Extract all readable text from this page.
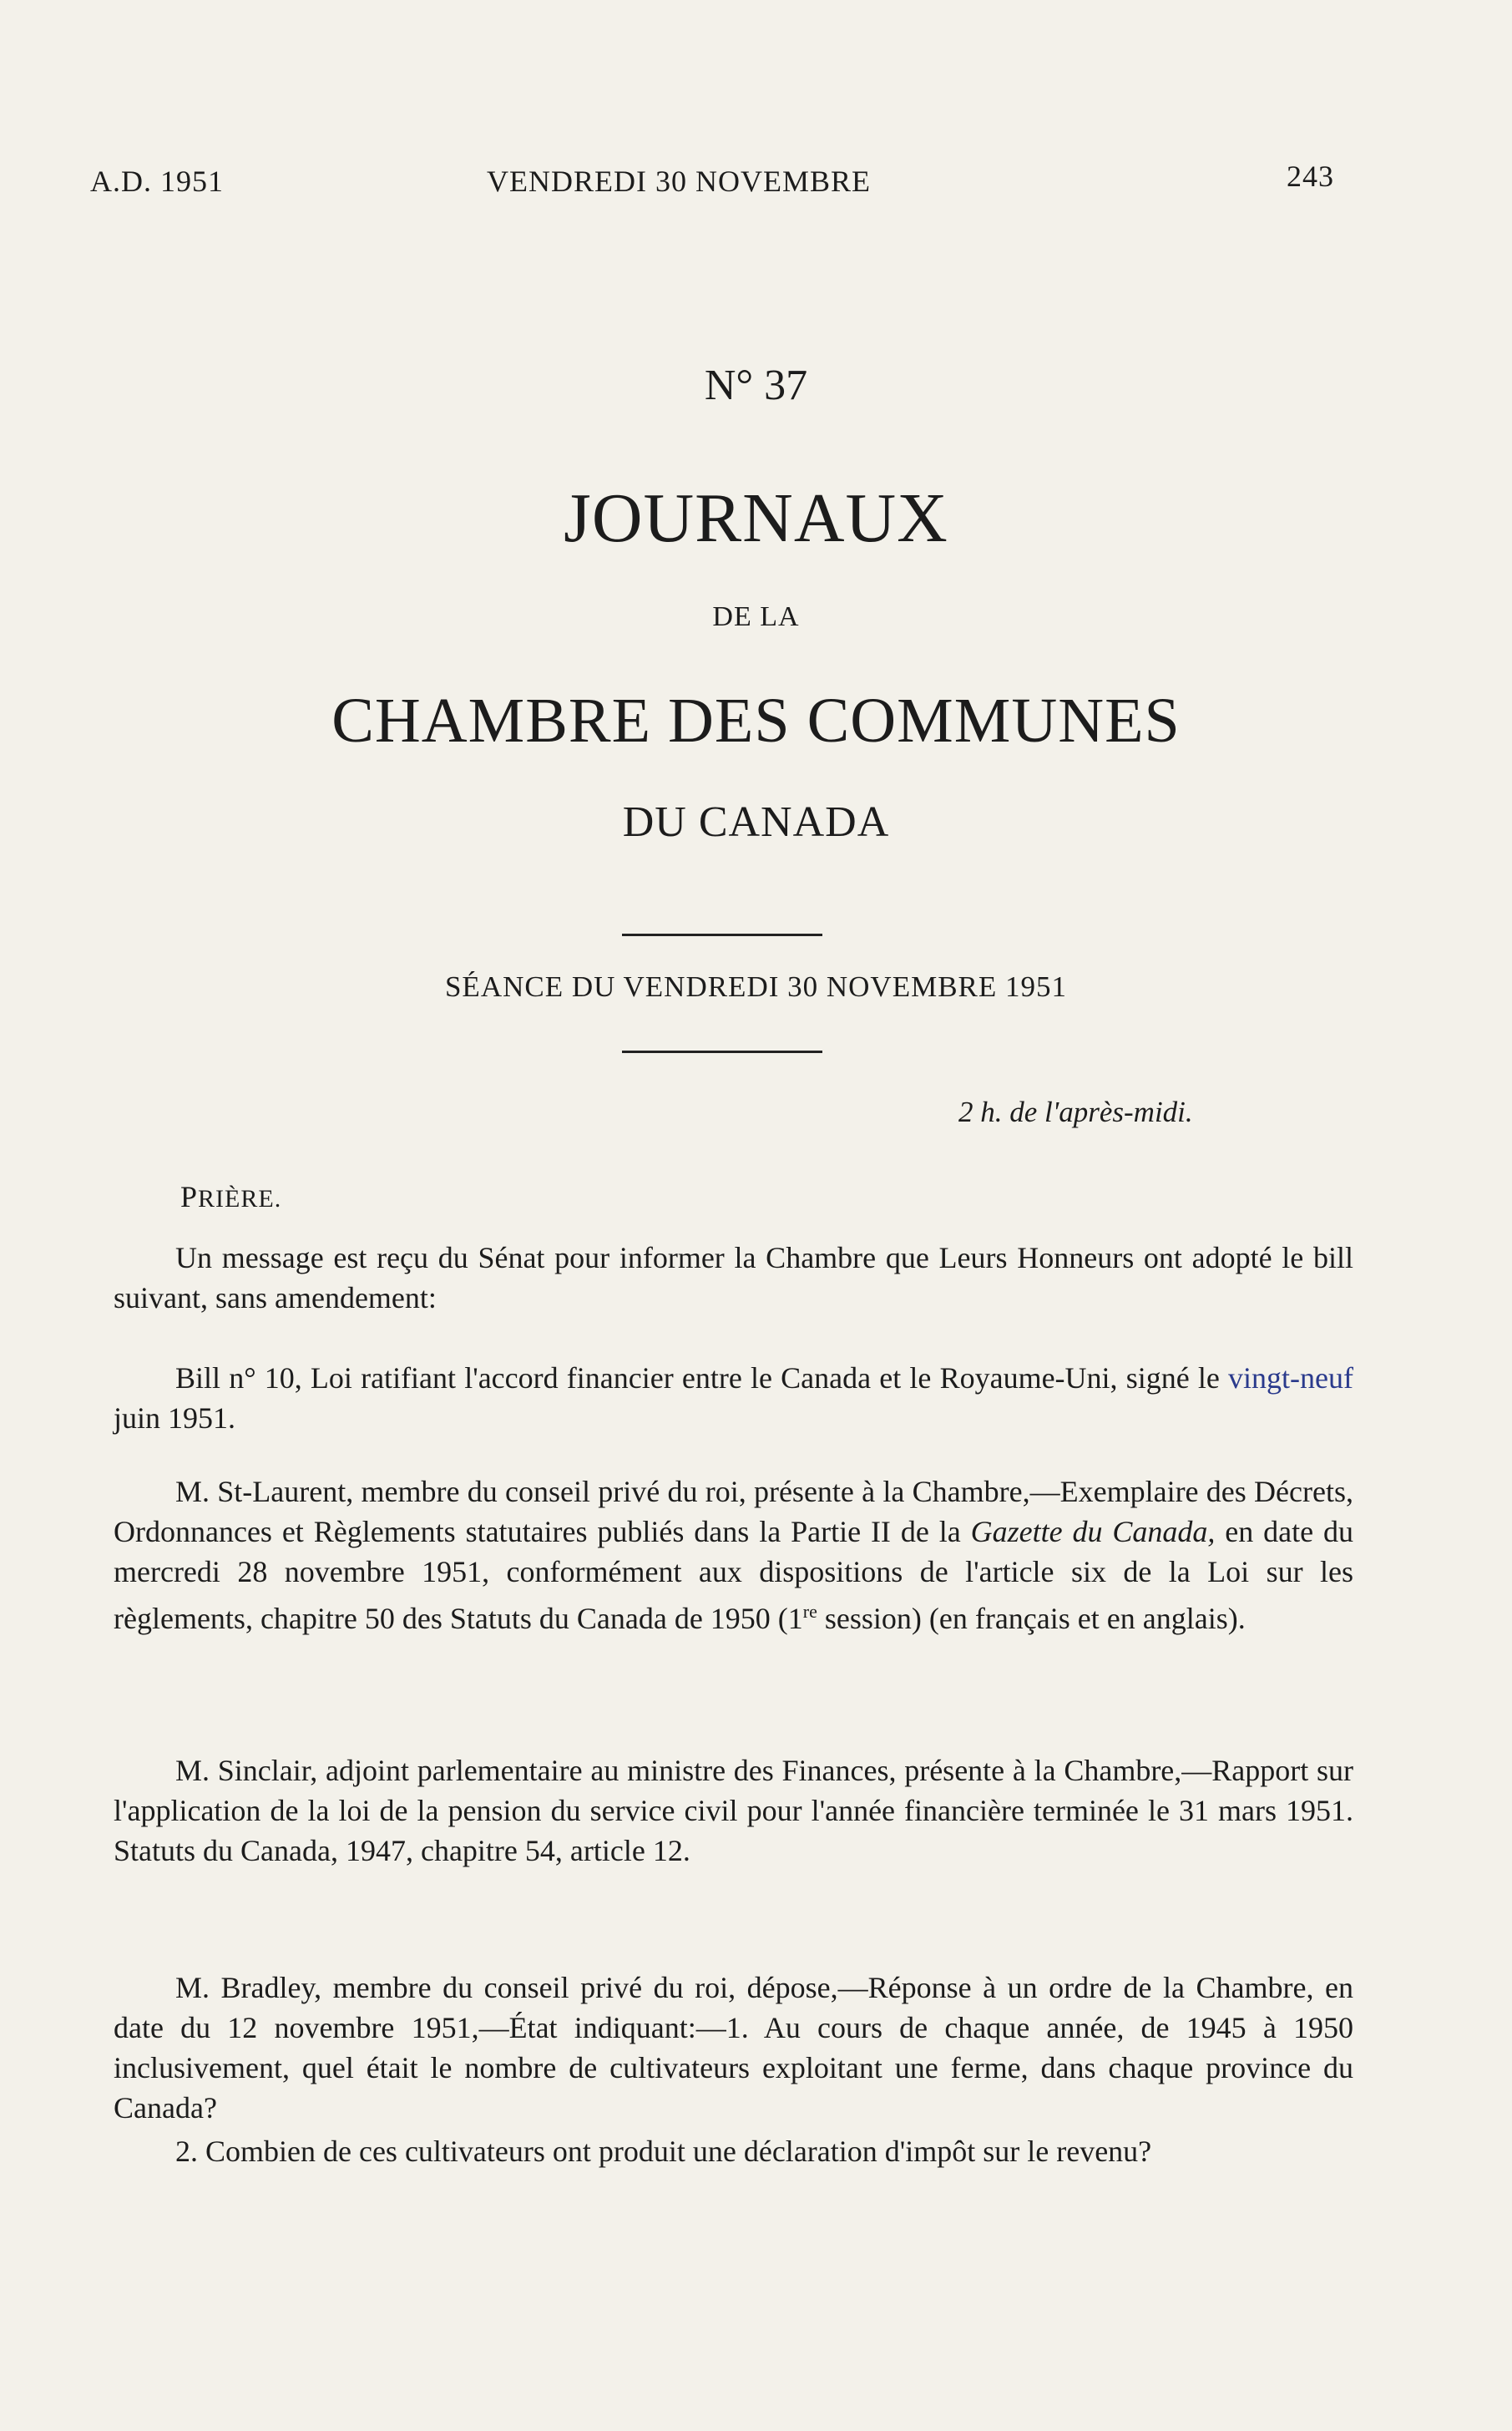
A.D. 1951	VENDREDI 30 NOVEMBRE	243
N° 37
JOURNAUX
DE LA
CHAMBRE DES COMMUNES
DU CANADA
SÉANCE DU VENDREDI 30 NOVEMBRE 1951
2 h. de l'après-midi.
PRIÈRE.

Un message est reçu du Sénat pour informer la Chambre que Leurs Honneurs ont adopté le bill suivant, sans amendement:

Bill n° 10, Loi ratifiant l'accord financier entre le Canada et le Royaume-Uni, signé le vingt-neuf juin 1951.

M. St-Laurent, membre du conseil privé du roi, présente à la Chambre,—Exemplaire des Décrets, Ordonnances et Règlements statutaires publiés dans la Partie II de la Gazette du Canada, en date du mercredi 28 novembre 1951, conformément aux dispositions de l'article six de la Loi sur les règlements, chapitre 50 des Statuts du Canada de 1950 (1re session) (en français et en anglais).

M. Sinclair, adjoint parlementaire au ministre des Finances, présente à la Chambre,—Rapport sur l'application de la loi de la pension du service civil pour l'année financière terminée le 31 mars 1951. Statuts du Canada, 1947, chapitre 54, article 12.

M. Bradley, membre du conseil privé du roi, dépose,—Réponse à un ordre de la Chambre, en date du 12 novembre 1951,—État indiquant:—1. Au cours de chaque année, de 1945 à 1950 inclusivement, quel était le nombre de cultivateurs exploitant une ferme, dans chaque province du Canada?

2. Combien de ces cultivateurs ont produit une déclaration d'impôt sur le revenu?
